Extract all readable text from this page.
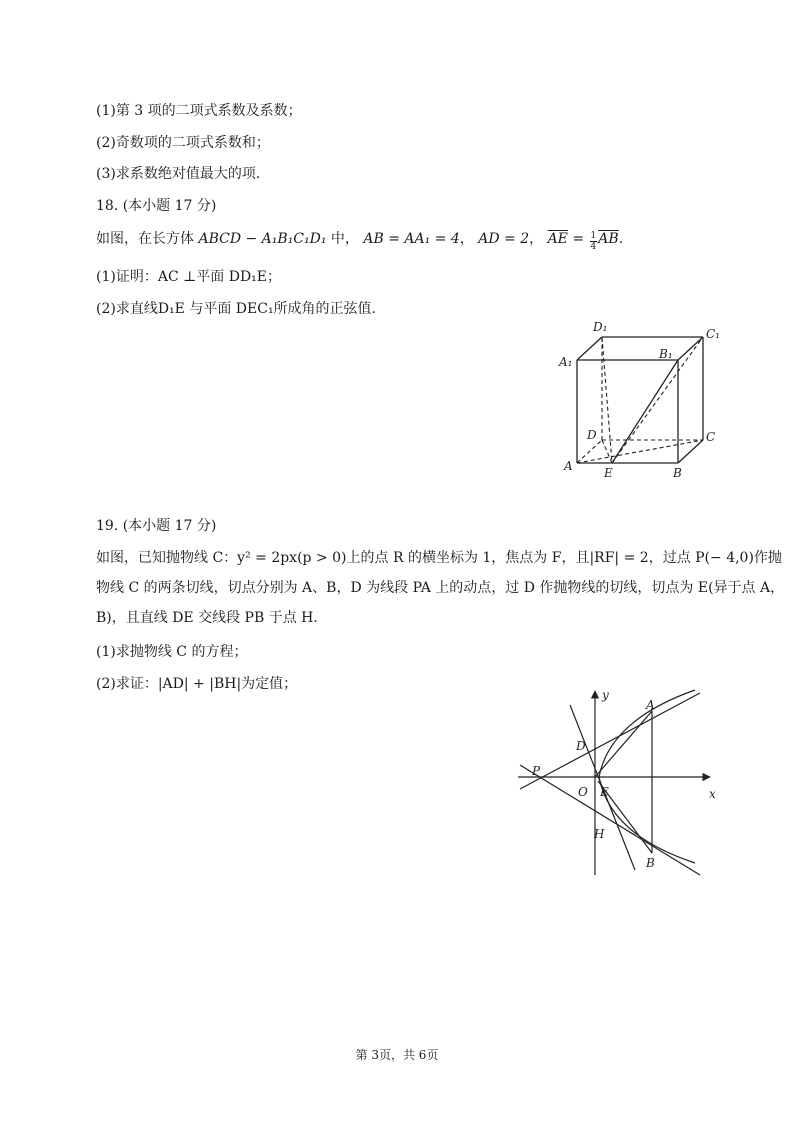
(1)第 3 项的二项式系数及系数；
(2)奇数项的二项式系数和；
(3)求系数绝对值最大的项.
18. (本小题 17 分)
如图，在长方体 ABCD − A₁B₁C₁D₁ 中， AB = AA₁ = 4， AD = 2， $\overline{AE} = \frac{1}{4} \overline{AB}$.
(1)证明：AC ⊥平面 DD₁E；
(2)求直线D₁E 与平面 DEC₁所成角的正弦值.
D₁	C₁
A₁
B₁
D	C
A	E	B
19. (本小题 17 分)
如图，已知抛物线 C：y² = 2px(p > 0)上的点 R 的横坐标为 1，焦点为 F，且|RF| = 2，过点 P(− 4,0)作抛
物线 C 的两条切线，切点分别为 A、B，D 为线段 PA 上的动点，过 D 作抛物线的切线，切点为 E(异于点 A，
B)，且直线 DE 交线段 PB 于点 H.
(1)求抛物线 C 的方程；
(2)求证：|AD| + |BH|为定值；
y
x
A
B
D
P
O E
H
第 3页，共 6页
